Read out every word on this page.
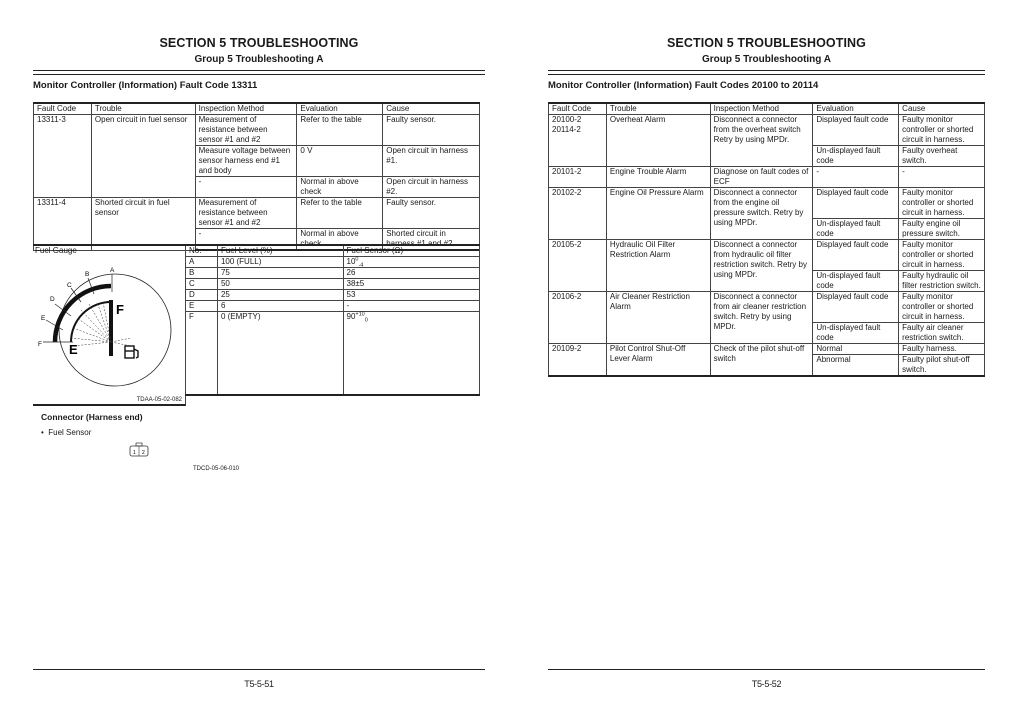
SECTION 5 TROUBLESHOOTING
Group 5 Troubleshooting A
Monitor Controller (Information) Fault Code 13311
Fault Code	Trouble	Inspection Method	Evaluation	Cause
13311-3	Open circuit in fuel sensor	Measurement of resistance between sensor #1 and #2	Refer to the table	Faulty sensor.
		Measure voltage between sensor harness end #1 and body	0 V	Open circuit in harness #1.
		-	Normal in above check	Open circuit in harness #2.
13311-4	Shorted circuit in fuel sensor	Measurement of resistance between sensor #1 and #2	Refer to the table	Faulty sensor.
		-	Normal in above check	Shorted circuit in harness #1 and #2.
Fuel Gauge
A
B
C
D
E
F
F
E
TDAA-05-02-082
No.	Fuel Level (%)	Fuel Sensor (Ω)
A	100 (FULL)	$10^0_{-4}$
B	75	26
C	50	38±5
D	25	53
E	6	-
F	0 (EMPTY)	$90^{+10}_0$
Connector (Harness end)
•  Fuel Sensor
1 2
TDCD-05-06-010
T5-5-51
SECTION 5 TROUBLESHOOTING
Group 5 Troubleshooting A
Monitor Controller (Information) Fault Codes 20100 to 20114
Fault Code	Trouble	Inspection Method	Evaluation	Cause
20100-2
20114-2	Overheat Alarm	Disconnect a connector from the overheat switch Retry by using MPDr.	Displayed fault code	Faulty monitor controller or shorted circuit in harness.
			Un-displayed fault code	Faulty overheat switch.
20101-2	Engine Trouble Alarm	Diagnose on fault codes of ECF	-	-
20102-2	Engine Oil Pressure Alarm	Disconnect a connector from the engine oil pressure switch. Retry by using MPDr.	Displayed fault code	Faulty monitor controller or shorted circuit in harness.
			Un-displayed fault code	Faulty engine oil pressure switch.
20105-2	Hydraulic Oil Filter Restriction Alarm	Disconnect a connector from hydraulic oil filter restriction switch. Retry by using MPDr.	Displayed fault code	Faulty monitor controller or shorted circuit in harness.
			Un-displayed fault code	Faulty hydraulic oil filter restriction switch.
20106-2	Air Cleaner Restriction Alarm	Disconnect a connector from air cleaner restriction switch. Retry by using MPDr.	Displayed fault code	Faulty monitor controller or shorted circuit in harness.
			Un-displayed fault code	Faulty air cleaner restriction switch.
20109-2	Pilot Control Shut-Off Lever Alarm	Check of the pilot shut-off switch	Normal	Faulty harness.
			Abnormal	Faulty pilot shut-off switch.
T5-5-52
